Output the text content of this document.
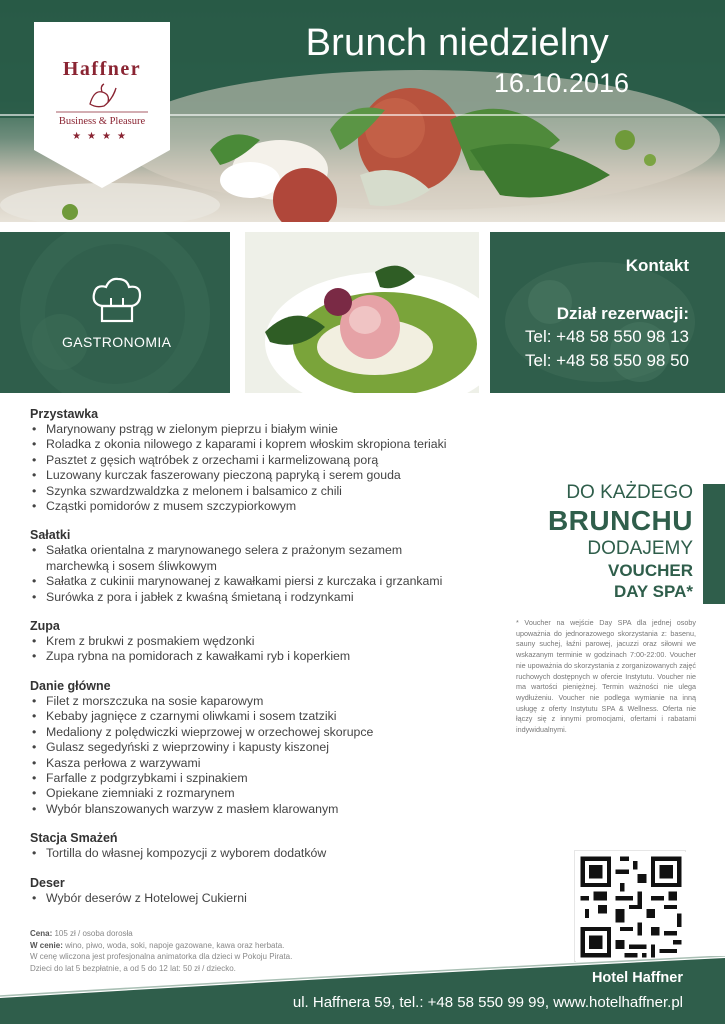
Brunch niedzielny
16.10.2016
Haffner
Business & Pleasure
★★★★
GASTRONOMIA
Kontakt
Dział rezerwacji:
Tel: +48 58 550 98 13
Tel: +48 58 550 98 50
Przystawka
• Marynowany pstrąg w zielonym pieprzu i białym winie
• Roladka z okonia nilowego z kaparami i koprem włoskim skropiona teriaki
• Pasztet z gęsich wątróbek z orzechami i karmelizowaną porą
• Luzowany kurczak faszerowany pieczoną papryką i serem gouda
• Szynka szwardzwaldzka z melonem i balsamico z chili
• Cząstki pomidorów z musem szczypiorkowym
Sałatki
• Sałatka orientalna z marynowanego selera z prażonym sezamem marchewką i sosem śliwkowym
• Sałatka z cukinii marynowanej z kawałkami piersi z kurczaka i grzankami
• Surówka z pora i jabłek z kwaśną śmietaną i rodzynkami
Zupa
• Krem z brukwi z posmakiem wędzonki
• Zupa rybna na pomidorach z kawałkami ryb i koperkiem
Danie główne
• Filet z morszczuka na sosie kaparowym
• Kebaby jagnięce z czarnymi oliwkami i sosem tzatziki
• Medaliony z polędwiczki wieprzowej w orzechowej skorupce
• Gulasz segedyński z wieprzowiny i kapusty kiszonej
• Kasza perłowa z warzywami
• Farfalle z podgrzybkami i szpinakiem
• Opiekane ziemniaki z rozmarynem
• Wybór blanszowanych warzyw z masłem klarowanym
Stacja Smażeń
• Tortilla do własnej kompozycji z wyborem dodatków
Deser
• Wybór deserów z Hotelowej Cukierni
Cena: 105 zł / osoba dorosła
W cenie: wino, piwo, woda, soki, napoje gazowane, kawa oraz herbata.
W cenę wliczona jest profesjonalna animatorka dla dzieci w Pokoju Pirata.
Dzieci do lat 5 bezpłatnie, a od 5 do 12 lat: 50 zł / dziecko.
DO KAŻDEGO
BRUNCHU
DODAJEMY
VOUCHER
DAY SPA*
* Voucher na wejście Day SPA dla jednej osoby upoważnia do jednorazowego skorzystania z: basenu, sauny suchej, łaźni parowej, jacuzzi oraz siłowni we wskazanym terminie w godzinach 7:00-22:00. Voucher nie upoważnia do skorzystania z zorganizowanych zajęć ruchowych dostępnych w ofercie Instytutu. Voucher nie ma wartości pieniężnej. Termin ważności nie ulega wydłużeniu. Voucher nie podlega wymianie na inną usługę z oferty Instytutu SPA & Wellness. Oferta nie łączy się z innymi promocjami, ofertami i rabatami indywidualnymi.
Hotel Haffner
ul. Haffnera 59, tel.: +48 58 550 99 99, www.hotelhaffner.pl
